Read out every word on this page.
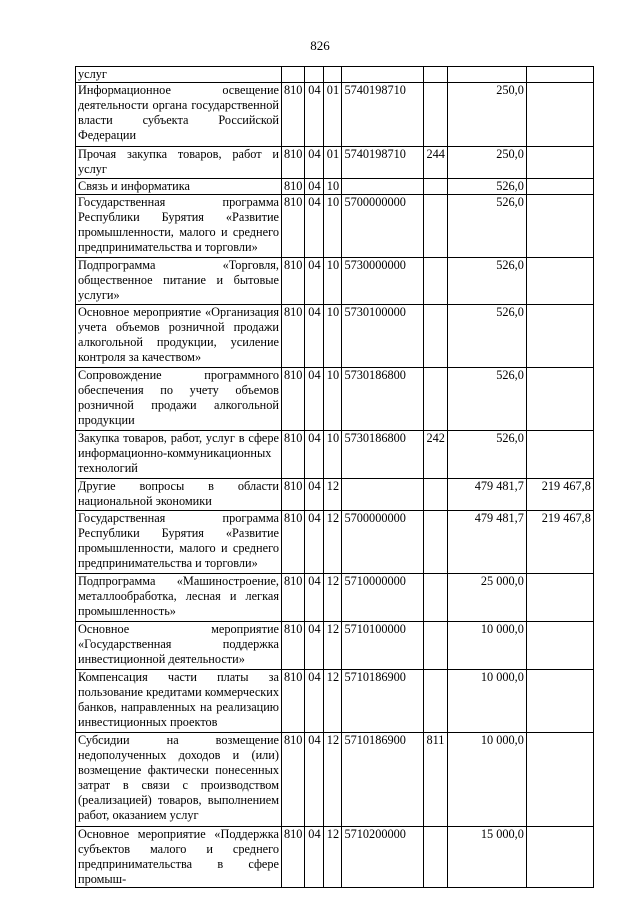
826
услуг							
Информационное освещение деятельности органа государственной власти субъекта Российской Федерации	810	04	01	5740198710		250,0	
Прочая закупка товаров, работ и услуг	810	04	01	5740198710	244	250,0	
Связь и информатика	810	04	10			526,0	
Государственная программа Республики Бурятия «Развитие промышленности, малого и среднего предпринимательства и торговли»	810	04	10	5700000000		526,0	
Подпрограмма «Торговля, общественное питание и бытовые услуги»	810	04	10	5730000000		526,0	
Основное мероприятие «Организация учета объемов розничной продажи алкогольной продукции, усиление контроля за качеством»	810	04	10	5730100000		526,0	
Сопровождение программного обеспечения по учету объемов розничной продажи алкогольной продукции	810	04	10	5730186800		526,0	
Закупка товаров, работ, услуг в сфере информационно-коммуникационных технологий	810	04	10	5730186800	242	526,0	
Другие вопросы в области национальной экономики	810	04	12			479 481,7	219 467,8
Государственная программа Республики Бурятия «Развитие промышленности, малого и среднего предпринимательства и торговли»	810	04	12	5700000000		479 481,7	219 467,8
Подпрограмма «Машиностроение, металлообработка, лесная и легкая промышленность»	810	04	12	5710000000		25 000,0	
Основное мероприятие «Государственная поддержка инвестиционной деятельности»	810	04	12	5710100000		10 000,0	
Компенсация части платы за пользование кредитами коммерческих банков, направленных на реализацию инвестиционных проектов	810	04	12	5710186900		10 000,0	
Субсидии на возмещение недополученных доходов и (или) возмещение фактически понесенных затрат в связи с производством (реализацией) товаров, выполнением работ, оказанием услуг	810	04	12	5710186900	811	10 000,0	
Основное мероприятие «Поддержка субъектов малого и среднего предпринимательства в сфере промыш-	810	04	12	5710200000		15 000,0	
